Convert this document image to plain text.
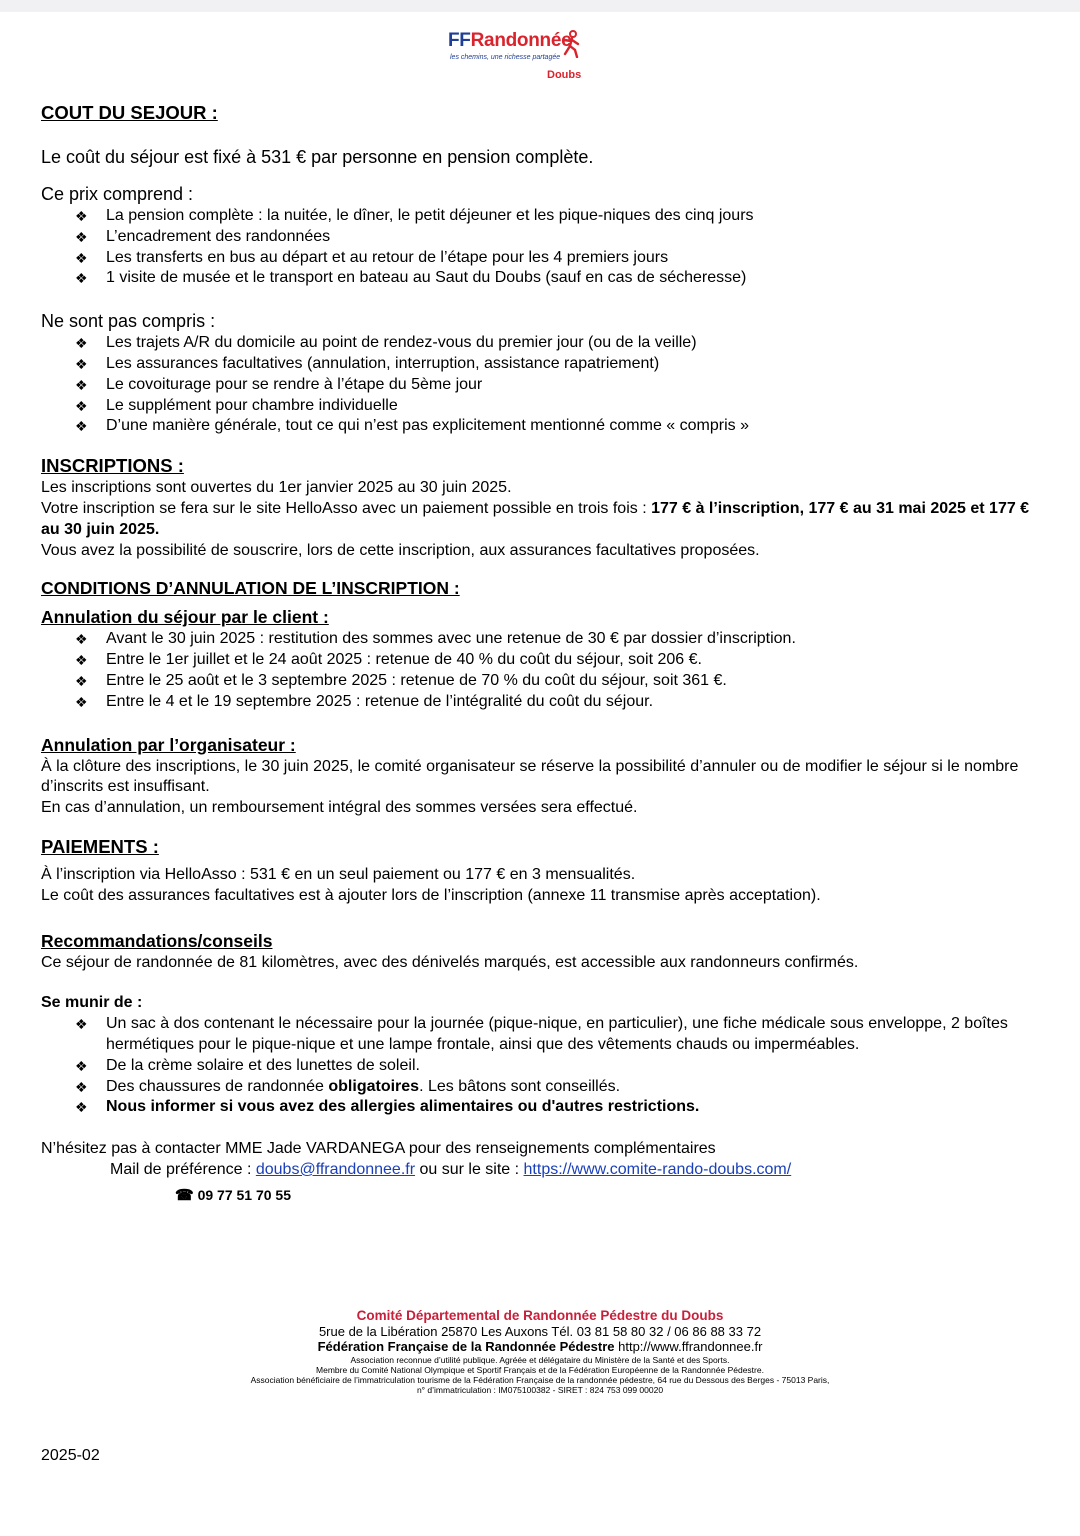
FFRandonnée
les chemins, une richesse partagée
Doubs
COUT DU SEJOUR :

Le coût du séjour est fixé à 531 € par personne en pension complète.

Ce prix comprend :

❖ La pension complète : la nuitée, le dîner, le petit déjeuner et les pique-niques des cinq jours
❖ L’encadrement des randonnées
❖ Les transferts en bus au départ et au retour de l’étape pour les 4 premiers jours
❖ 1 visite de musée et le transport en bateau au Saut du Doubs (sauf en cas de sécheresse)

Ne sont pas compris :

❖ Les trajets A/R du domicile au point de rendez-vous du premier jour (ou de la veille)
❖ Les assurances facultatives (annulation, interruption, assistance rapatriement)
❖ Le covoiturage pour se rendre à l’étape du 5ème jour
❖ Le supplément pour chambre individuelle
❖ D’une manière générale, tout ce qui n’est pas explicitement mentionné comme « compris »
INSCRIPTIONS :

Les inscriptions sont ouvertes du 1er janvier 2025 au 30 juin 2025.

Votre inscription se fera sur le site HelloAsso avec un paiement possible en trois fois : 177 € à l’inscription, 177 € au 31 mai 2025 et 177 € au 30 juin 2025.

Vous avez la possibilité de souscrire, lors de cette inscription, aux assurances facultatives proposées.

CONDITIONS D’ANNULATION DE L’INSCRIPTION :
Annulation du séjour par le client :
❖ Avant le 30 juin 2025 : restitution des sommes avec une retenue de 30 € par dossier d’inscription.
❖ Entre le 1er juillet et le 24 août 2025 : retenue de 40 % du coût du séjour, soit 206 €.
❖ Entre le 25 août et le 3 septembre 2025 : retenue de 70 % du coût du séjour, soit 361 €.
❖ Entre le 4 et le 19 septembre 2025 : retenue de l’intégralité du coût du séjour.
Annulation par l’organisateur :

À la clôture des inscriptions, le 30 juin 2025, le comité organisateur se réserve la possibilité d’annuler ou de modifier le séjour si le nombre d’inscrits est insuffisant.

En cas d’annulation, un remboursement intégral des sommes versées sera effectué.

PAIEMENTS :

À l’inscription via HelloAsso : 531 € en un seul paiement ou 177 € en 3 mensualités.

Le coût des assurances facultatives est à ajouter lors de l’inscription (annexe 11 transmise après acceptation).

Recommandations/conseils

Ce séjour de randonnée de 81 kilomètres, avec des dénivelés marqués, est accessible aux randonneurs confirmés.

Se munir de :

❖ Un sac à dos contenant le nécessaire pour la journée (pique-nique, en particulier), une fiche médicale sous enveloppe, 2 boîtes hermétiques pour le pique-nique et une lampe frontale, ainsi que des vêtements chauds ou imperméables.
❖ De la crème solaire et des lunettes de soleil.
❖ Des chaussures de randonnée obligatoires. Les bâtons sont conseillés.
❖ Nous informer si vous avez des allergies alimentaires ou d'autres restrictions.

N’hésitez pas à contacter MME Jade VARDANEGA pour des renseignements complémentaires

Mail de préférence : doubs@ffrandonnee.fr ou sur le site : https://www.comite-rando-doubs.com/

☎ 09 77 51 70 55

Comité Départemental de Randonnée Pédestre du Doubs
5rue de la Libération 25870 Les Auxons Tél. 03 81 58 80 32 / 06 86 88 33 72
Fédération Française de la Randonnée Pédestre http://www.ffrandonnee.fr
Association reconnue d’utilité publique. Agréée et délégataire du Ministère de la Santé et des Sports.
Membre du Comité National Olympique et Sportif Français et de la Fédération Européenne de la Randonnée Pédestre.
Association bénéficiaire de l’immatriculation tourisme de la Fédération Française de la randonnée pédestre, 64 rue du Dessous des Berges - 75013 Paris,
n° d’immatriculation : IM075100382 - SIRET : 824 753 099 00020
2025-02
